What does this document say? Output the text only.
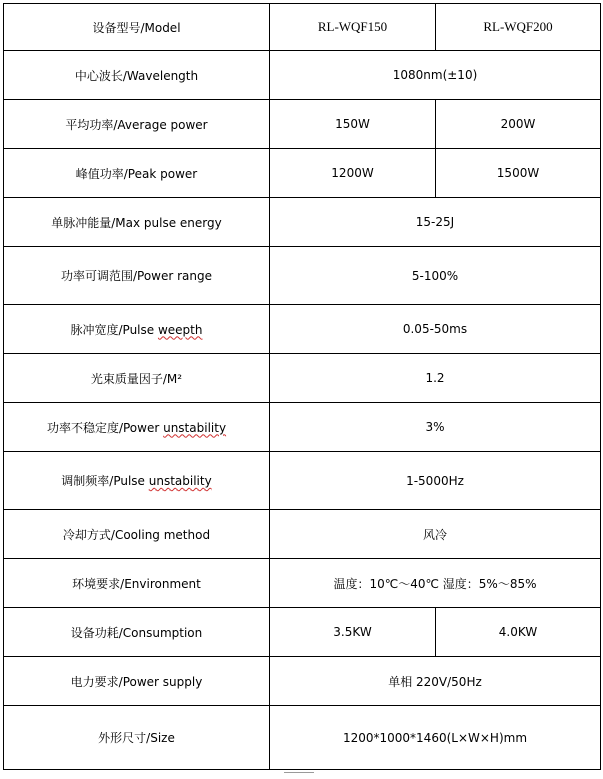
设备型号/Model	RL-WQF150	RL-WQF200
中心波长/Wavelength	1080nm(±10)	
平均功率/Average power	150W	200W
峰值功率/Peak power	1200W	1500W
单脉冲能量/Max pulse energy	15-25J	
功率可调范围/Power range	5-100%	
脉冲宽度/Pulse weepth	0.05-50ms	
光束质量因子/M²	1.2	
功率不稳定度/Power unstability	3%	
调制频率/Pulse unstability	1-5000Hz	
冷却方式/Cooling method	风冷	
环境要求/Environment	温度：10℃～40℃ 湿度：5%～85%	
设备功耗/Consumption	3.5KW	4.0KW
电力要求/Power supply	单相 220V/50Hz	
外形尺寸/Size	1200*1000*1460(L×W×H)mm	
